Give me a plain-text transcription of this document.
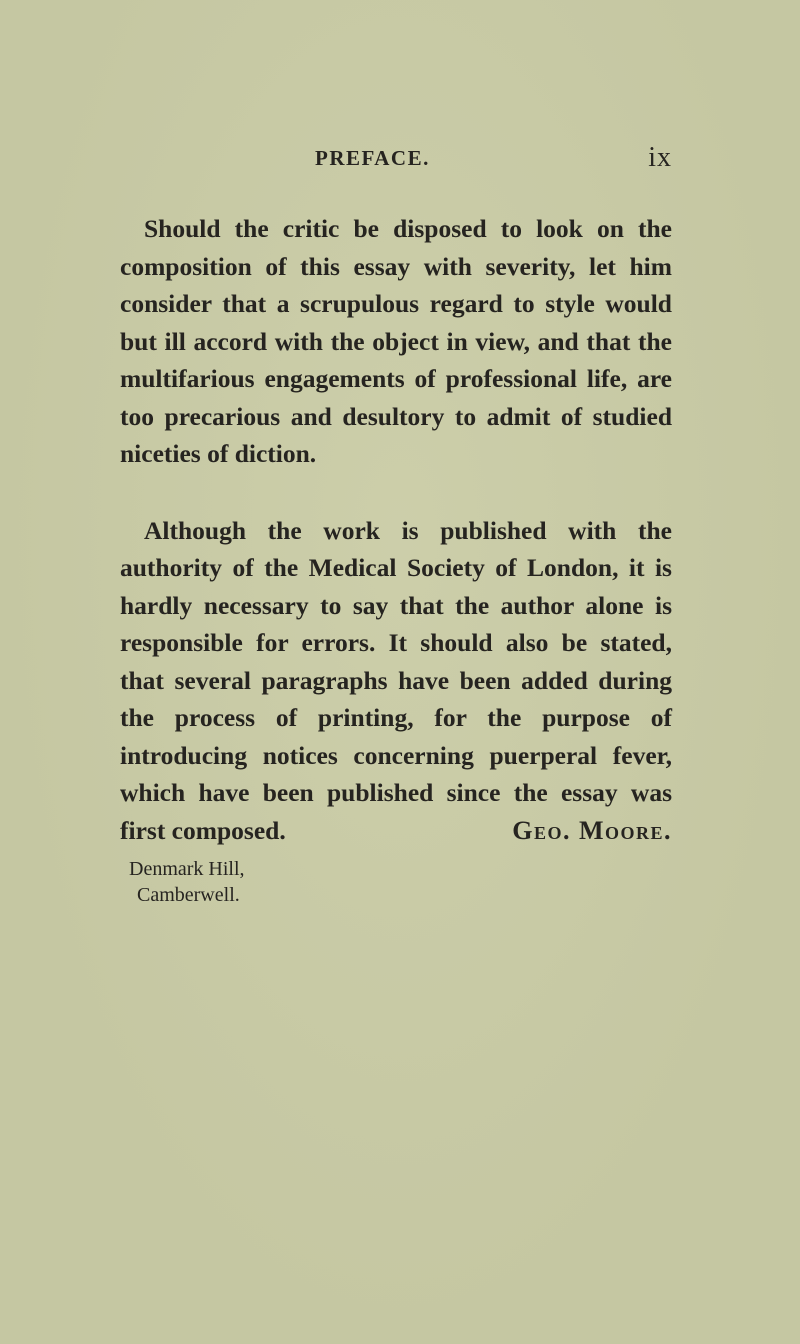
PREFACE.	ix

Should the critic be disposed to look on the composition of this essay with severity, let him consider that a scrupulous regard to style would but ill accord with the object in view, and that the multifarious engagements of professional life, are too precarious and desultory to admit of studied niceties of diction.

Although the work is published with the authority of the Medical Society of London, it is hardly necessary to say that the author alone is responsible for errors. It should also be stated, that several paragraphs have been added during the process of printing, for the purpose of introducing notices concerning puerperal fever, which have been published since the essay was first composed.	Geo. Moore.
Denmark Hill,
Camberwell.
